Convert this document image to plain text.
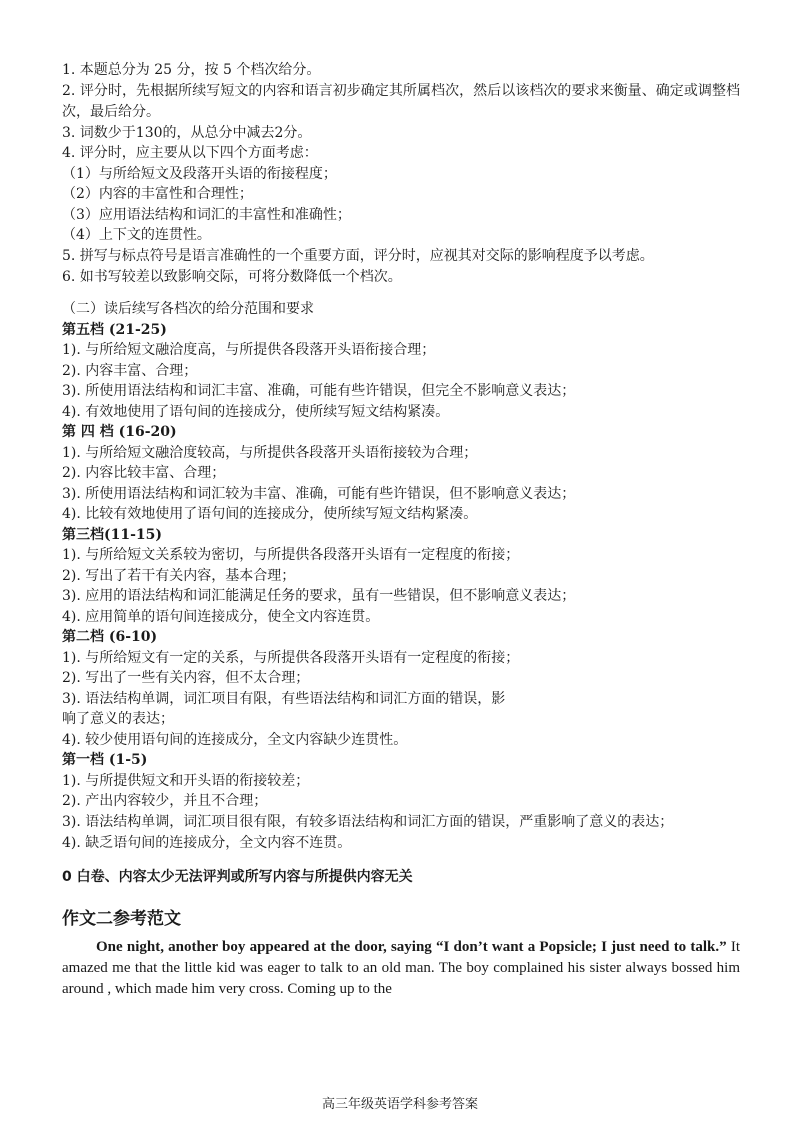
1. 本题总分为 25 分，按 5 个档次给分。
2. 评分时，先根据所续写短文的内容和语言初步确定其所属档次，然后以该档次的要求来衡量、确定或调整档次，最后给分。
3. 词数少于130的，从总分中减去2分。
4. 评分时，应主要从以下四个方面考虑：
（1）与所给短文及段落开头语的衔接程度；
（2）内容的丰富性和合理性；
（3）应用语法结构和词汇的丰富性和准确性；
（4）上下文的连贯性。
5. 拼写与标点符号是语言准确性的一个重要方面，评分时，应视其对交际的影响程度予以考虑。
6. 如书写较差以致影响交际，可将分数降低一个档次。
（二）读后续写各档次的给分范围和要求
第五档 (21-25)
1). 与所给短文融洽度高，与所提供各段落开头语衔接合理；
2). 内容丰富、合理；
3). 所使用语法结构和词汇丰富、准确，可能有些许错误，但完全不影响意义表达；
4). 有效地使用了语句间的连接成分，使所续写短文结构紧凑。
第 四 档 (16-20)
1). 与所给短文融洽度较高，与所提供各段落开头语衔接较为合理；
2). 内容比较丰富、合理；
3). 所使用语法结构和词汇较为丰富、准确，可能有些许错误，但不影响意义表达；
4). 比较有效地使用了语句间的连接成分，使所续写短文结构紧凑。
第三档(11-15)
1). 与所给短文关系较为密切，与所提供各段落开头语有一定程度的衔接；
2). 写出了若干有关内容，基本合理；
3). 应用的语法结构和词汇能满足任务的要求，虽有一些错误，但不影响意义表达；
4). 应用简单的语句间连接成分，使全文内容连贯。
第二档 (6-10)
1). 与所给短文有一定的关系，与所提供各段落开头语有一定程度的衔接；
2). 写出了一些有关内容，但不太合理；
3). 语法结构单调，词汇项目有限，有些语法结构和词汇方面的错误，影
响了意义的表达；
4). 较少使用语句间的连接成分，全文内容缺少连贯性。
第一档 (1-5)
1). 与所提供短文和开头语的衔接较差；
2). 产出内容较少，并且不合理；
3). 语法结构单调，词汇项目很有限，有较多语法结构和词汇方面的错误，严重影响了意义的表达；
4). 缺乏语句间的连接成分，全文内容不连贯。
0 白卷、内容太少无法评判或所写内容与所提供内容无关
作文二参考范文
One night, another boy appeared at the door, saying “I don’t want a Popsicle; I just need to talk.” It amazed me that the little kid was eager to talk to an old man. The boy complained his sister always bossed him around , which made him very cross. Coming up to the
高三年级英语学科参考答案
